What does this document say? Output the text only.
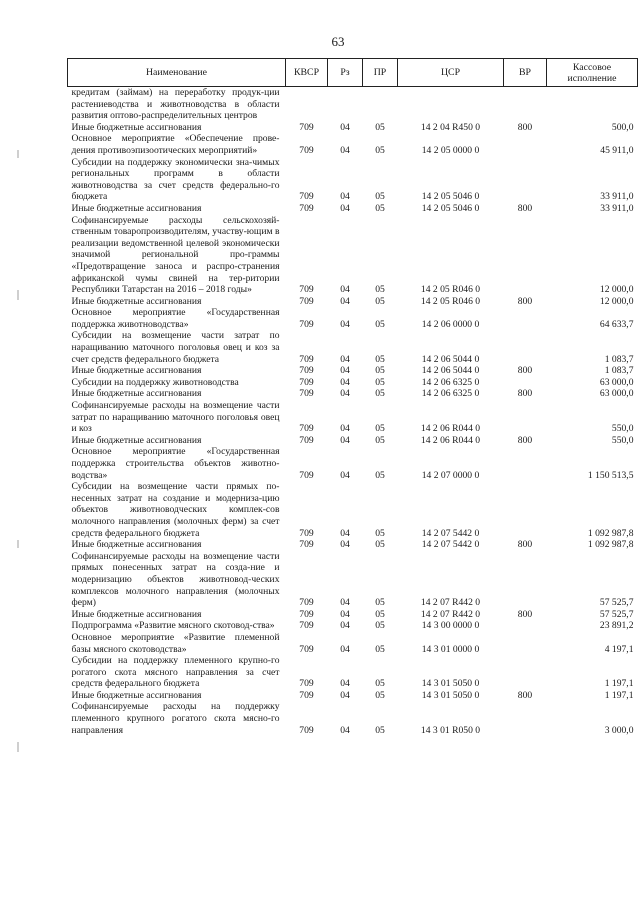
63
Наименование	КВСР	Рз	ПР	ЦСР	ВР	Кассовое исполнение
кредитам (займам) на переработку продук-ции растениеводства и животноводства в области развития оптово-распределительных центров						
Иные бюджетные ассигнования	709	04	05	14 2 04 R450 0	800	500,0
Основное мероприятие «Обеспечение прове-дения противоэпизоотических мероприятий»	709	04	05	14 2 05 0000 0		45 911,0
Субсидии на поддержку экономически зна-чимых региональных программ в области животноводства за счет средств федерально-го бюджета	709	04	05	14 2 05 5046 0		33 911,0
Иные бюджетные ассигнования	709	04	05	14 2 05 5046 0	800	33 911,0
Софинансируемые расходы сельскохозяй-ственным товаропроизводителям, участву-ющим в реализации ведомственной целевой экономически значимой региональной про-граммы «Предотвращение заноса и распро-странения африканской чумы свиней на тер-ритории Республики Татарстан на 2016 – 2018 годы»	709	04	05	14 2 05 R046 0		12 000,0
Иные бюджетные ассигнования	709	04	05	14 2 05 R046 0	800	12 000,0
Основное мероприятие «Государственная поддержка животноводства»	709	04	05	14 2 06 0000 0		64 633,7
Субсидии на возмещение части затрат по наращиванию маточного поголовья овец и коз за счет средств федерального бюджета	709	04	05	14 2 06 5044 0		1 083,7
Иные бюджетные ассигнования	709	04	05	14 2 06 5044 0	800	1 083,7
Субсидии на поддержку животноводства	709	04	05	14 2 06 6325 0		63 000,0
Иные бюджетные ассигнования	709	04	05	14 2 06 6325 0	800	63 000,0
Софинансируемые расходы на возмещение части затрат по наращиванию маточного поголовья овец и коз	709	04	05	14 2 06 R044 0		550,0
Иные бюджетные ассигнования	709	04	05	14 2 06 R044 0	800	550,0
Основное мероприятие «Государственная поддержка строительства объектов животно-водства»	709	04	05	14 2 07 0000 0		1 150 513,5
Субсидии на возмещение части прямых по-несенных затрат на создание и модерниза-цию объектов животноводческих комплек-сов молочного направления (молочных ферм) за счет средств федерального бюджета	709	04	05	14 2 07 5442 0		1 092 987,8
Иные бюджетные ассигнования	709	04	05	14 2 07 5442 0	800	1 092 987,8
Софинансируемые расходы на возмещение части прямых понесенных затрат на созда-ние и модернизацию объектов животновод-ческих комплексов молочного направления (молочных ферм)	709	04	05	14 2 07 R442 0		57 525,7
Иные бюджетные ассигнования	709	04	05	14 2 07 R442 0	800	57 525,7
Подпрограмма «Развитие мясного скотовод-ства»	709	04	05	14 3 00 0000 0		23 891,2
Основное мероприятие «Развитие племенной базы мясного скотоводства»	709	04	05	14 3 01 0000 0		4 197,1
Субсидии на поддержку племенного крупно-го рогатого скота мясного направления за счет средств федерального бюджета	709	04	05	14 3 01 5050 0		1 197,1
Иные бюджетные ассигнования	709	04	05	14 3 01 5050 0	800	1 197,1
Софинансируемые расходы на поддержку племенного крупного рогатого скота мясно-го направления	709	04	05	14 3 01 R050 0		3 000,0
